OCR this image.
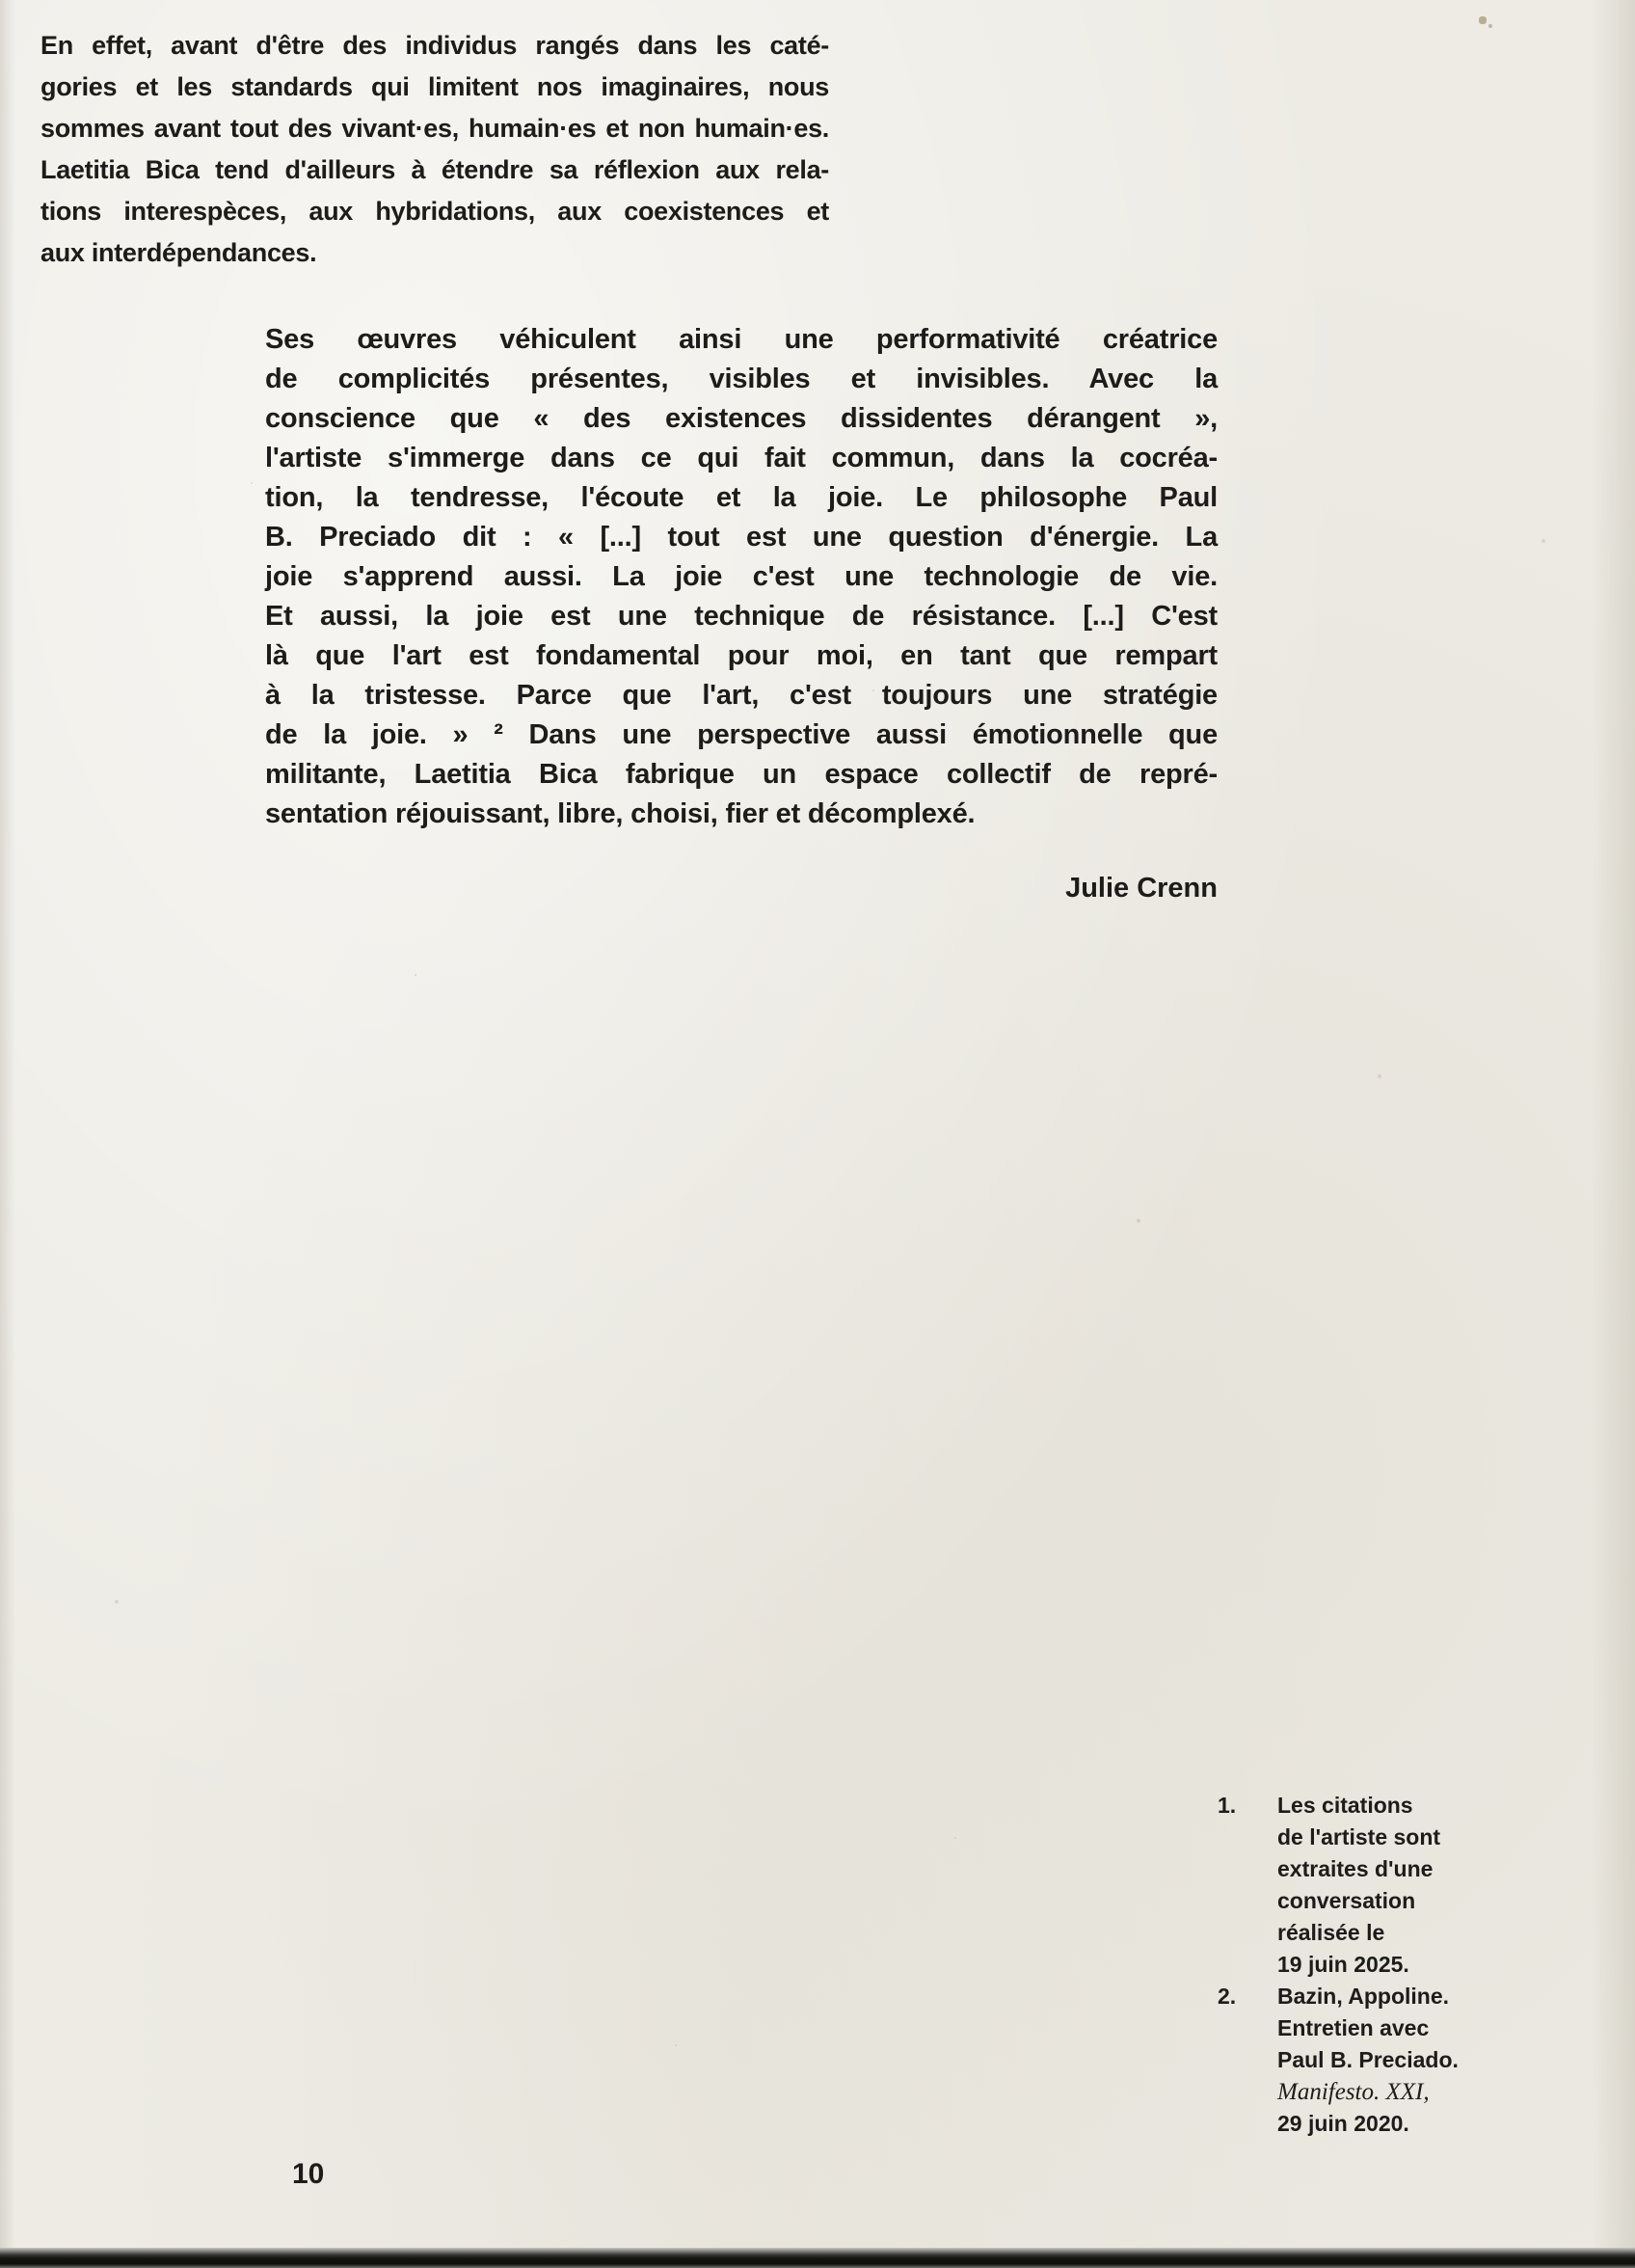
En effet, avant d'être des individus rangés dans les caté-
gories et les standards qui limitent nos imaginaires, nous
sommes avant tout des vivant·es, humain·es et non humain·es.
Laetitia Bica tend d'ailleurs à étendre sa réflexion aux rela-
tions interespèces, aux hybridations, aux coexistences et
aux interdépendances.
Ses œuvres véhiculent ainsi une performativité créatrice
de complicités présentes, visibles et invisibles. Avec la
conscience que « des existences dissidentes dérangent »,
l'artiste s'immerge dans ce qui fait commun, dans la cocréa-
tion, la tendresse, l'écoute et la joie. Le philosophe Paul
B. Preciado dit : « [...] tout est une question d'énergie. La
joie s'apprend aussi. La joie c'est une technologie de vie.
Et aussi, la joie est une technique de résistance. [...] C'est
là que l'art est fondamental pour moi, en tant que rempart
à la tristesse. Parce que l'art, c'est toujours une stratégie
de la joie. » ² Dans une perspective aussi émotionnelle que
militante, Laetitia Bica fabrique un espace collectif de repré-
sentation réjouissant, libre, choisi, fier et décomplexé.
Julie Crenn
1.	Les citations
de l'artiste sont
extraites d'une
conversation
réalisée le
19 juin 2025.
2.	Bazin, Appoline.
Entretien avec
Paul B. Preciado.
Manifesto. XXI,
29 juin 2020.
10
